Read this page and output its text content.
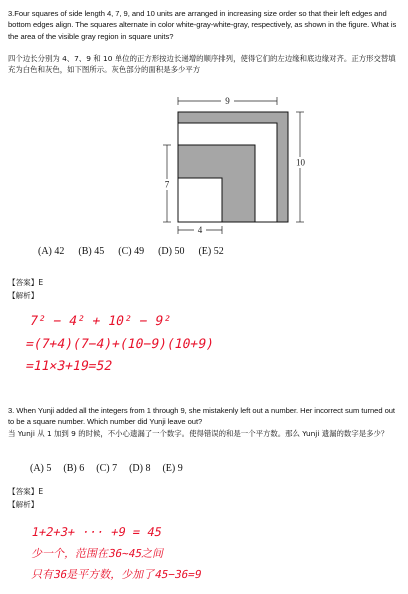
3.Four squares of side length 4, 7, 9, and 10 units are arranged in increasing size order so that their left edges and bottom edges align. The squares alternate in color white-gray-white-gray, respectively, as shown in the figure. What is the area of the visible gray region in square units?
四个边长分别为 4、7、9 和 10 单位的正方形按边长递增的顺序排列，使得它们的左边缘和底边缘对齐。正方形交替填充为白色和灰色，如下图所示。灰色部分的面积是多少平方
9
10
7
4
(A) 42 (B) 45 (C) 49 (D) 50 (E) 52
【答案】E
【解析】
7² − 4² + 10² − 9²
=(7+4)(7−4)+(10−9)(10+9)
=11×3+19=52
3. When Yunji added all the integers from 1 through 9, she mistakenly left out a number. Her incorrect sum turned out to be a square number. Which number did Yunji leave out?
当 Yunji 从 1 加到 9 的时候，不小心遗漏了一个数字。使得错误的和是一个平方数。那么 Yunji 遗漏的数字是多少？
(A) 5 (B) 6 (C) 7 (D) 8 (E) 9
【答案】E
【解析】
1+2+3+ ··· +9 = 45
少一个，范围在36~45之间
只有36是平方数，少加了45−36=9
